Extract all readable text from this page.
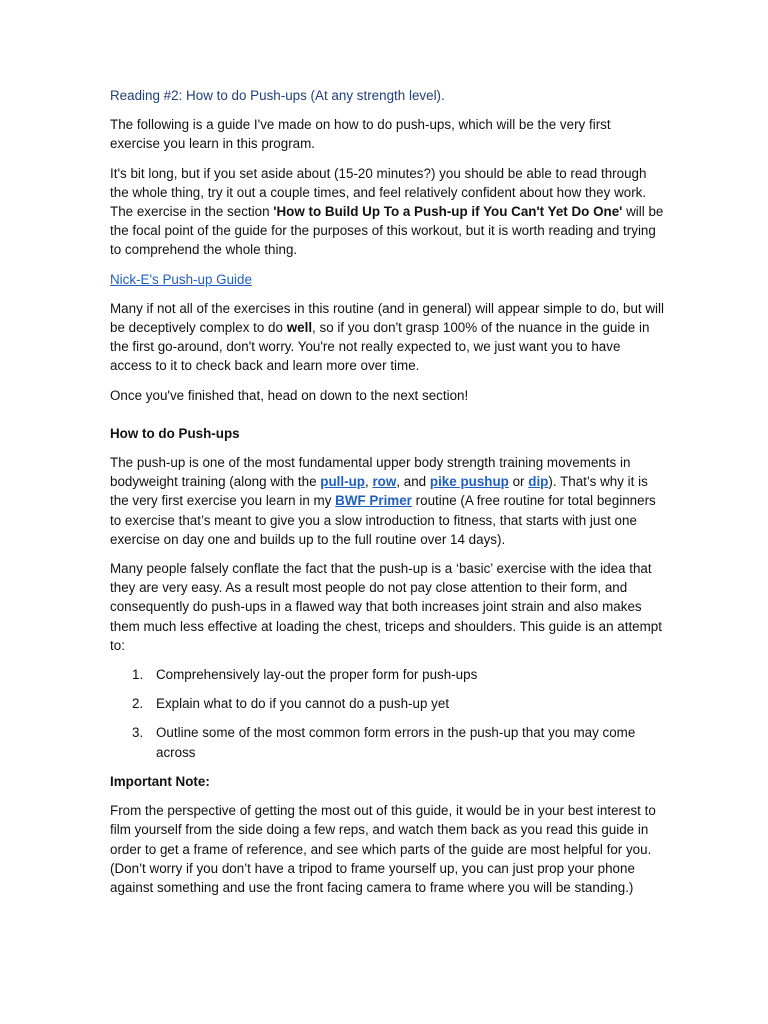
Reading #2: How to do Push-ups (At any strength level).

The following is a guide I've made on how to do push-ups, which will be the very first exercise you learn in this program.

It's bit long, but if you set aside about (15-20 minutes?) you should be able to read through the whole thing, try it out a couple times, and feel relatively confident about how they work. The exercise in the section 'How to Build Up To a Push-up if You Can't Yet Do One' will be the focal point of the guide for the purposes of this workout, but it is worth reading and trying to comprehend the whole thing.

Nick-E's Push-up Guide

Many if not all of the exercises in this routine (and in general) will appear simple to do, but will be deceptively complex to do well, so if you don't grasp 100% of the nuance in the guide in the first go-around, don't worry. You're not really expected to, we just want you to have access to it to check back and learn more over time.

Once you've finished that, head on down to the next section!

How to do Push-ups

The push-up is one of the most fundamental upper body strength training movements in bodyweight training (along with the pull-up, row, and pike pushup or dip). That’s why it is the very first exercise you learn in my BWF Primer routine (A free routine for total beginners to exercise that’s meant to give you a slow introduction to fitness, that starts with just one exercise on day one and builds up to the full routine over 14 days).

Many people falsely conflate the fact that the push-up is a ‘basic’ exercise with the idea that they are very easy. As a result most people do not pay close attention to their form, and consequently do push-ups in a flawed way that both increases joint strain and also makes them much less effective at loading the chest, triceps and shoulders. This guide is an attempt to:

1. Comprehensively lay-out the proper form for push-ups
2. Explain what to do if you cannot do a push-up yet
3. Outline some of the most common form errors in the push-up that you may come across

Important Note:

From the perspective of getting the most out of this guide, it would be in your best interest to film yourself from the side doing a few reps, and watch them back as you read this guide in order to get a frame of reference, and see which parts of the guide are most helpful for you. (Don’t worry if you don’t have a tripod to frame yourself up, you can just prop your phone against something and use the front facing camera to frame where you will be standing.)
